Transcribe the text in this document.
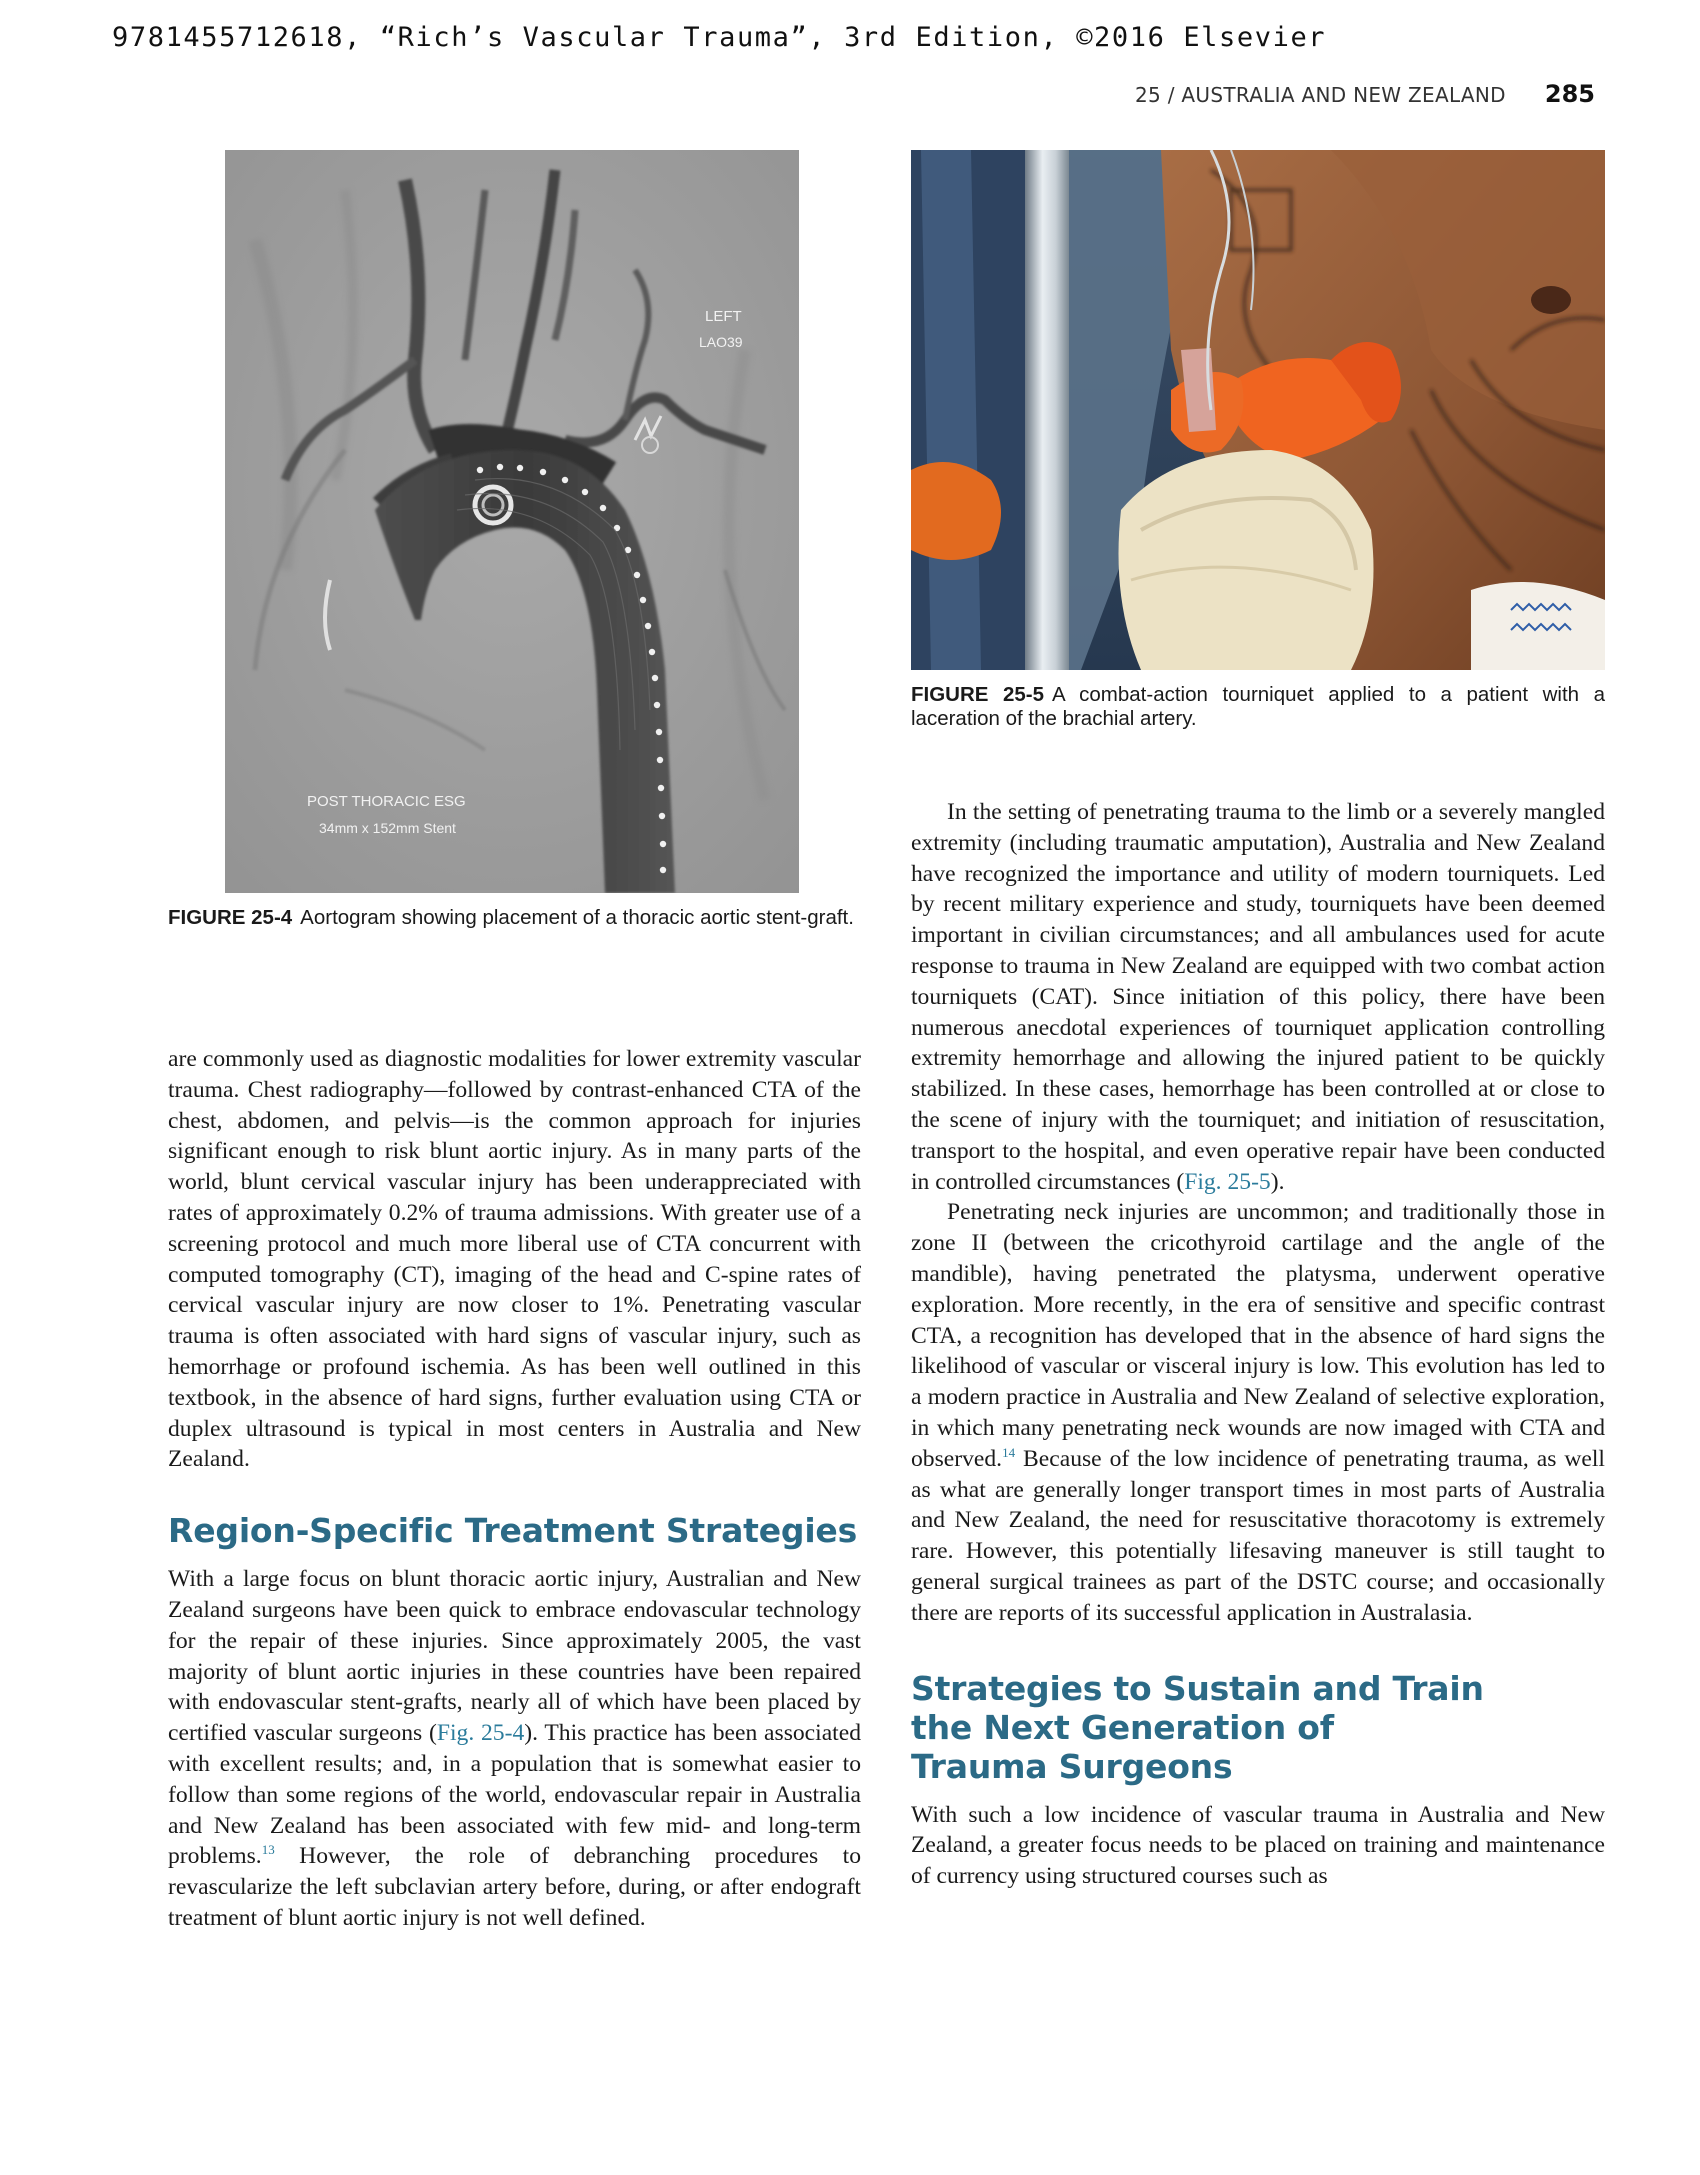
9781455712618, “Rich’s Vascular Trauma”, 3rd Edition, ©2016 Elsevier
25 / AUSTRALIA AND NEW ZEALAND 285
LEFT
LAO39
POST THORACIC ESG
34mm x 152mm Stent
FIGURE 25-4 Aortogram showing placement of a thoracic aortic stent-graft.
FIGURE 25-5 A combat-action tourniquet applied to a patient with a laceration of the brachial artery.

are commonly used as diagnostic modalities for lower extremity vascular trauma. Chest radiography—followed by contrast-enhanced CTA of the chest, abdomen, and pelvis—is the common approach for injuries significant enough to risk blunt aortic injury. As in many parts of the world, blunt cervical vascular injury has been underappreciated with rates of approximately 0.2% of trauma admissions. With greater use of a screening protocol and much more liberal use of CTA concurrent with computed tomography (CT), imaging of the head and C-spine rates of cervical vascular injury are now closer to 1%. Penetrating vascular trauma is often associated with hard signs of vascular injury, such as hemorrhage or profound ischemia. As has been well outlined in this textbook, in the absence of hard signs, further evaluation using CTA or duplex ultrasound is typical in most centers in Australia and New Zealand.

Region-Specific Treatment Strategies

With a large focus on blunt thoracic aortic injury, Australian and New Zealand surgeons have been quick to embrace endovascular technology for the repair of these injuries. Since approximately 2005, the vast majority of blunt aortic injuries in these countries have been repaired with endovascular stent-grafts, nearly all of which have been placed by certified vascular surgeons (Fig. 25-4). This practice has been associated with excellent results; and, in a population that is somewhat easier to follow than some regions of the world, endovascular repair in Australia and New Zealand has been associated with few mid- and long-term problems.$^{13}$ However, the role of debranching procedures to revascularize the left subclavian artery before, during, or after endograft treatment of blunt aortic injury is not well defined.

In the setting of penetrating trauma to the limb or a severely mangled extremity (including traumatic amputation), Australia and New Zealand have recognized the importance and utility of modern tourniquets. Led by recent military experience and study, tourniquets have been deemed important in civilian circumstances; and all ambulances used for acute response to trauma in New Zealand are equipped with two combat action tourniquets (CAT). Since initiation of this policy, there have been numerous anecdotal experiences of tourniquet application controlling extremity hemorrhage and allowing the injured patient to be quickly stabilized. In these cases, hemorrhage has been controlled at or close to the scene of injury with the tourniquet; and initiation of resuscitation, transport to the hospital, and even operative repair have been conducted in controlled circumstances (Fig. 25-5).

Penetrating neck injuries are uncommon; and traditionally those in zone II (between the cricothyroid cartilage and the angle of the mandible), having penetrated the platysma, underwent operative exploration. More recently, in the era of sensitive and specific contrast CTA, a recognition has developed that in the absence of hard signs the likelihood of vascular or visceral injury is low. This evolution has led to a modern practice in Australia and New Zealand of selective exploration, in which many penetrating neck wounds are now imaged with CTA and observed.$^{14}$ Because of the low incidence of penetrating trauma, as well as what are generally longer transport times in most parts of Australia and New Zealand, the need for resuscitative thoracotomy is extremely rare. However, this potentially lifesaving maneuver is still taught to general surgical trainees as part of the DSTC course; and occasionally there are reports of its successful application in Australasia.

Strategies to Sustain and Train
the Next Generation of
Trauma Surgeons

With such a low incidence of vascular trauma in Australia and New Zealand, a greater focus needs to be placed on training and maintenance of currency using structured courses such as
